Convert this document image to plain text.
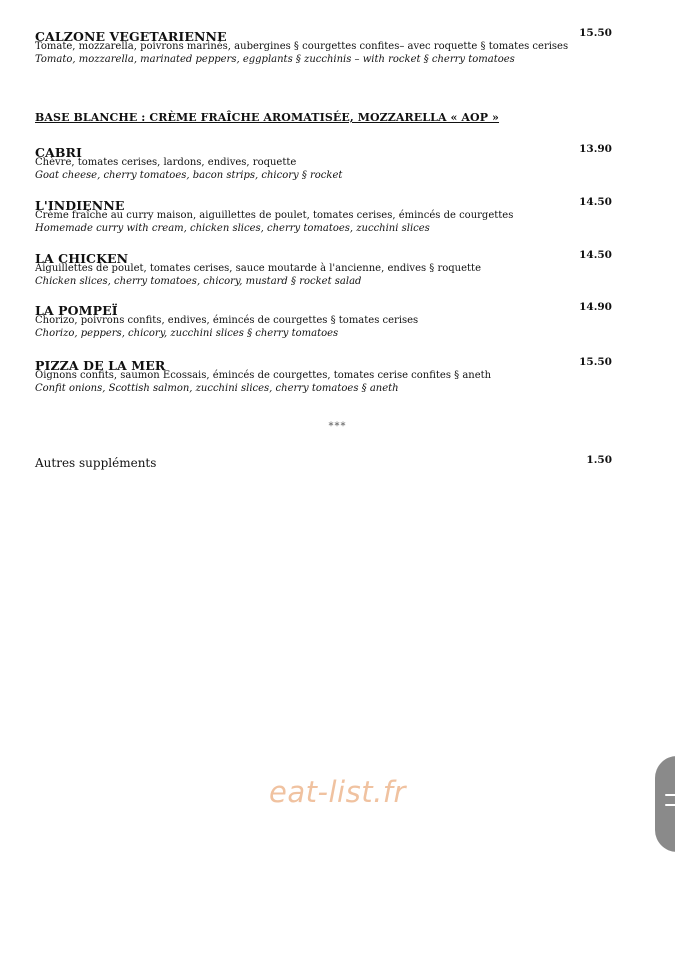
CALZONE VEGETARIENNE	15.50
Tomate, mozzarella, poivrons marinés, aubergines § courgettes confites– avec roquette § tomates cerises
Tomato, mozzarella, marinated peppers, eggplants § zucchinis – with rocket § cherry tomatoes
BASE BLANCHE : CRÈME FRAÎCHE AROMATISÉE, MOZZARELLA « AOP »
CABRI	13.90
Chèvre, tomates cerises, lardons, endives, roquette
Goat cheese, cherry tomatoes, bacon strips, chicory § rocket
L'INDIENNE	14.50
Crème fraîche au curry maison, aiguillettes de poulet, tomates cerises, émincés de courgettes
Homemade curry with cream, chicken slices, cherry tomatoes, zucchini slices
LA CHICKEN	14.50
Aiguillettes de poulet, tomates cerises, sauce moutarde à l'ancienne, endives § roquette
Chicken slices, cherry tomatoes, chicory, mustard § rocket salad
LA POMPEÏ	14.90
Chorizo, poivrons confits, endives, émincés de courgettes § tomates cerises
Chorizo, peppers, chicory, zucchini slices § cherry tomatoes
PIZZA DE LA MER	15.50
Oignons confits, saumon Ecossais, émincés de courgettes, tomates cerise confites § aneth
Confit onions, Scottish salmon, zucchini slices, cherry tomatoes § aneth
***
Autres suppléments	1.50
eat-list.fr
